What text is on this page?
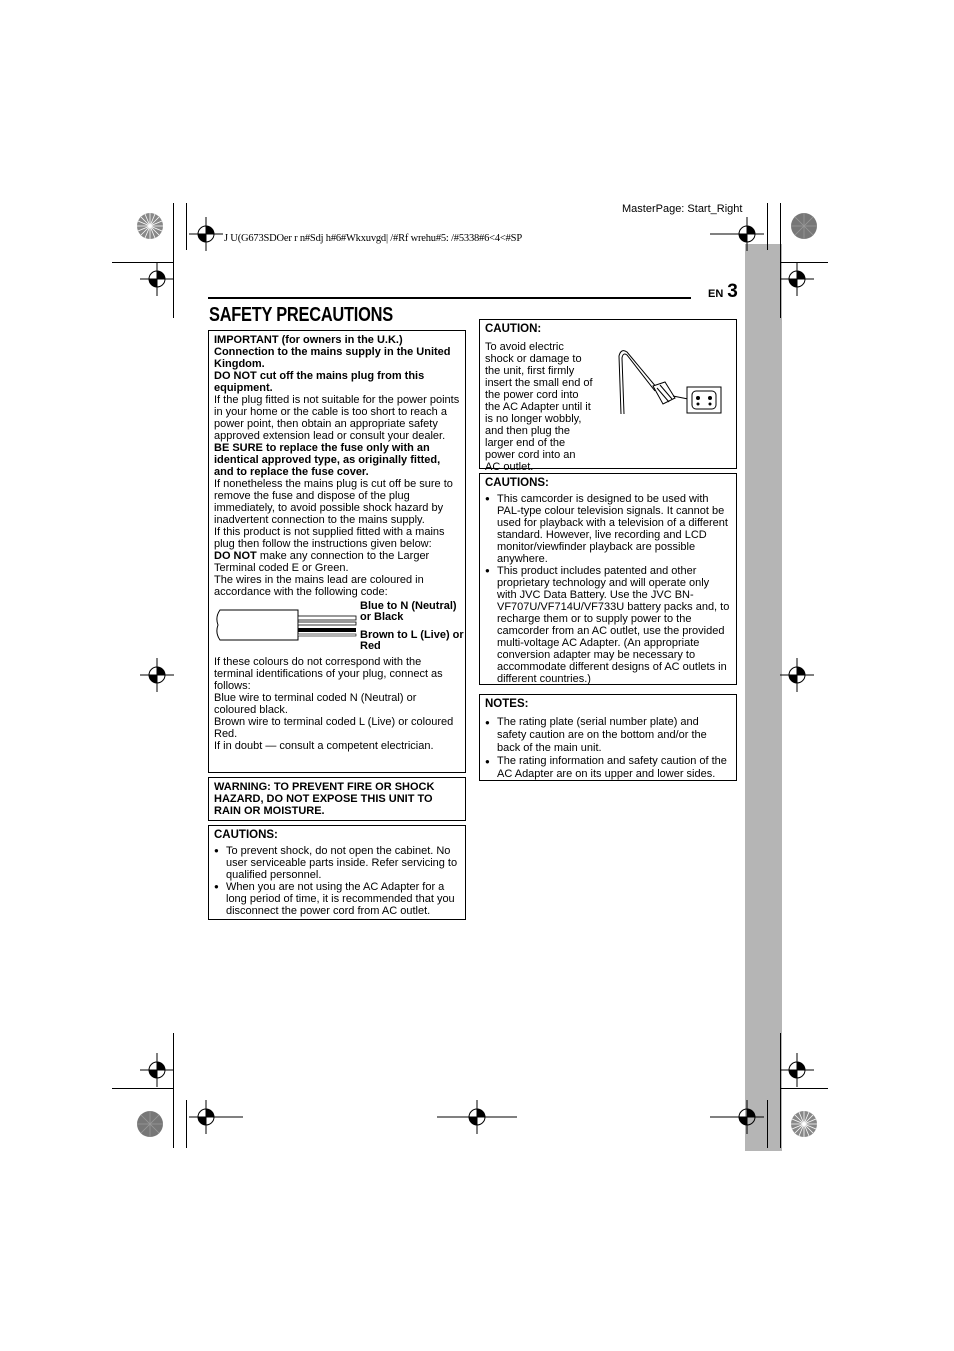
MasterPage: Start_Right
J U(G673SDOer r n#Sdj h#6#Wkxuvgd| /#Rf wrehu#5: /#5338#6<4<#SP
EN 3
SAFETY PRECAUTIONS

IMPORTANT (for owners in the U.K.)

Connection to the mains supply in the United Kingdom.

DO NOT cut off the mains plug from this equipment.

If the plug fitted is not suitable for the power points in your home or the cable is too short to reach a power point, then obtain an appropriate safety approved extension lead or consult your dealer.

BE SURE to replace the fuse only with an identical approved type, as originally fitted, and to replace the fuse cover.

If nonetheless the mains plug is cut off be sure to remove the fuse and dispose of the plug immediately, to avoid possible shock hazard by inadvertent connection to the mains supply.

If this product is not supplied fitted with a mains plug then follow the instructions given below:

DO NOT make any connection to the Larger Terminal coded E or Green.

The wires in the mains lead are coloured in accordance with the following code:

Blue to N (Neutral) or Black
Brown to L (Live) or Red

If these colours do not correspond with the terminal identifications of your plug, connect as follows:

Blue wire to terminal coded N (Neutral) or coloured black.

Brown wire to terminal coded L (Live) or coloured Red.

If in doubt — consult a competent electrician.

WARNING: TO PREVENT FIRE OR SHOCK HAZARD, DO NOT EXPOSE THIS UNIT TO RAIN OR MOISTURE.

CAUTIONS:
● To prevent shock, do not open the cabinet. No user serviceable parts inside. Refer servicing to qualified personnel.
● When you are not using the AC Adapter for a long period of time, it is recommended that you disconnect the power cord from AC outlet.
CAUTION:

To avoid electric shock or damage to the unit, first firmly insert the small end of the power cord into the AC Adapter until it is no longer wobbly, and then plug the larger end of the power cord into an AC outlet.

CAUTIONS:
● This camcorder is designed to be used with PAL-type colour television signals. It cannot be used for playback with a television of a different standard. However, live recording and LCD monitor/viewfinder playback are possible anywhere.
● This product includes patented and other proprietary technology and will operate only with JVC Data Battery. Use the JVC BN-VF707U/VF714U/VF733U battery packs and, to recharge them or to supply power to the camcorder from an AC outlet, use the provided multi-voltage AC Adapter. (An appropriate conversion adapter may be necessary to accommodate different designs of AC outlets in different countries.)
NOTES:
● The rating plate (serial number plate) and safety caution are on the bottom and/or the back of the main unit.
● The rating information and safety caution of the AC Adapter are on its upper and lower sides.
